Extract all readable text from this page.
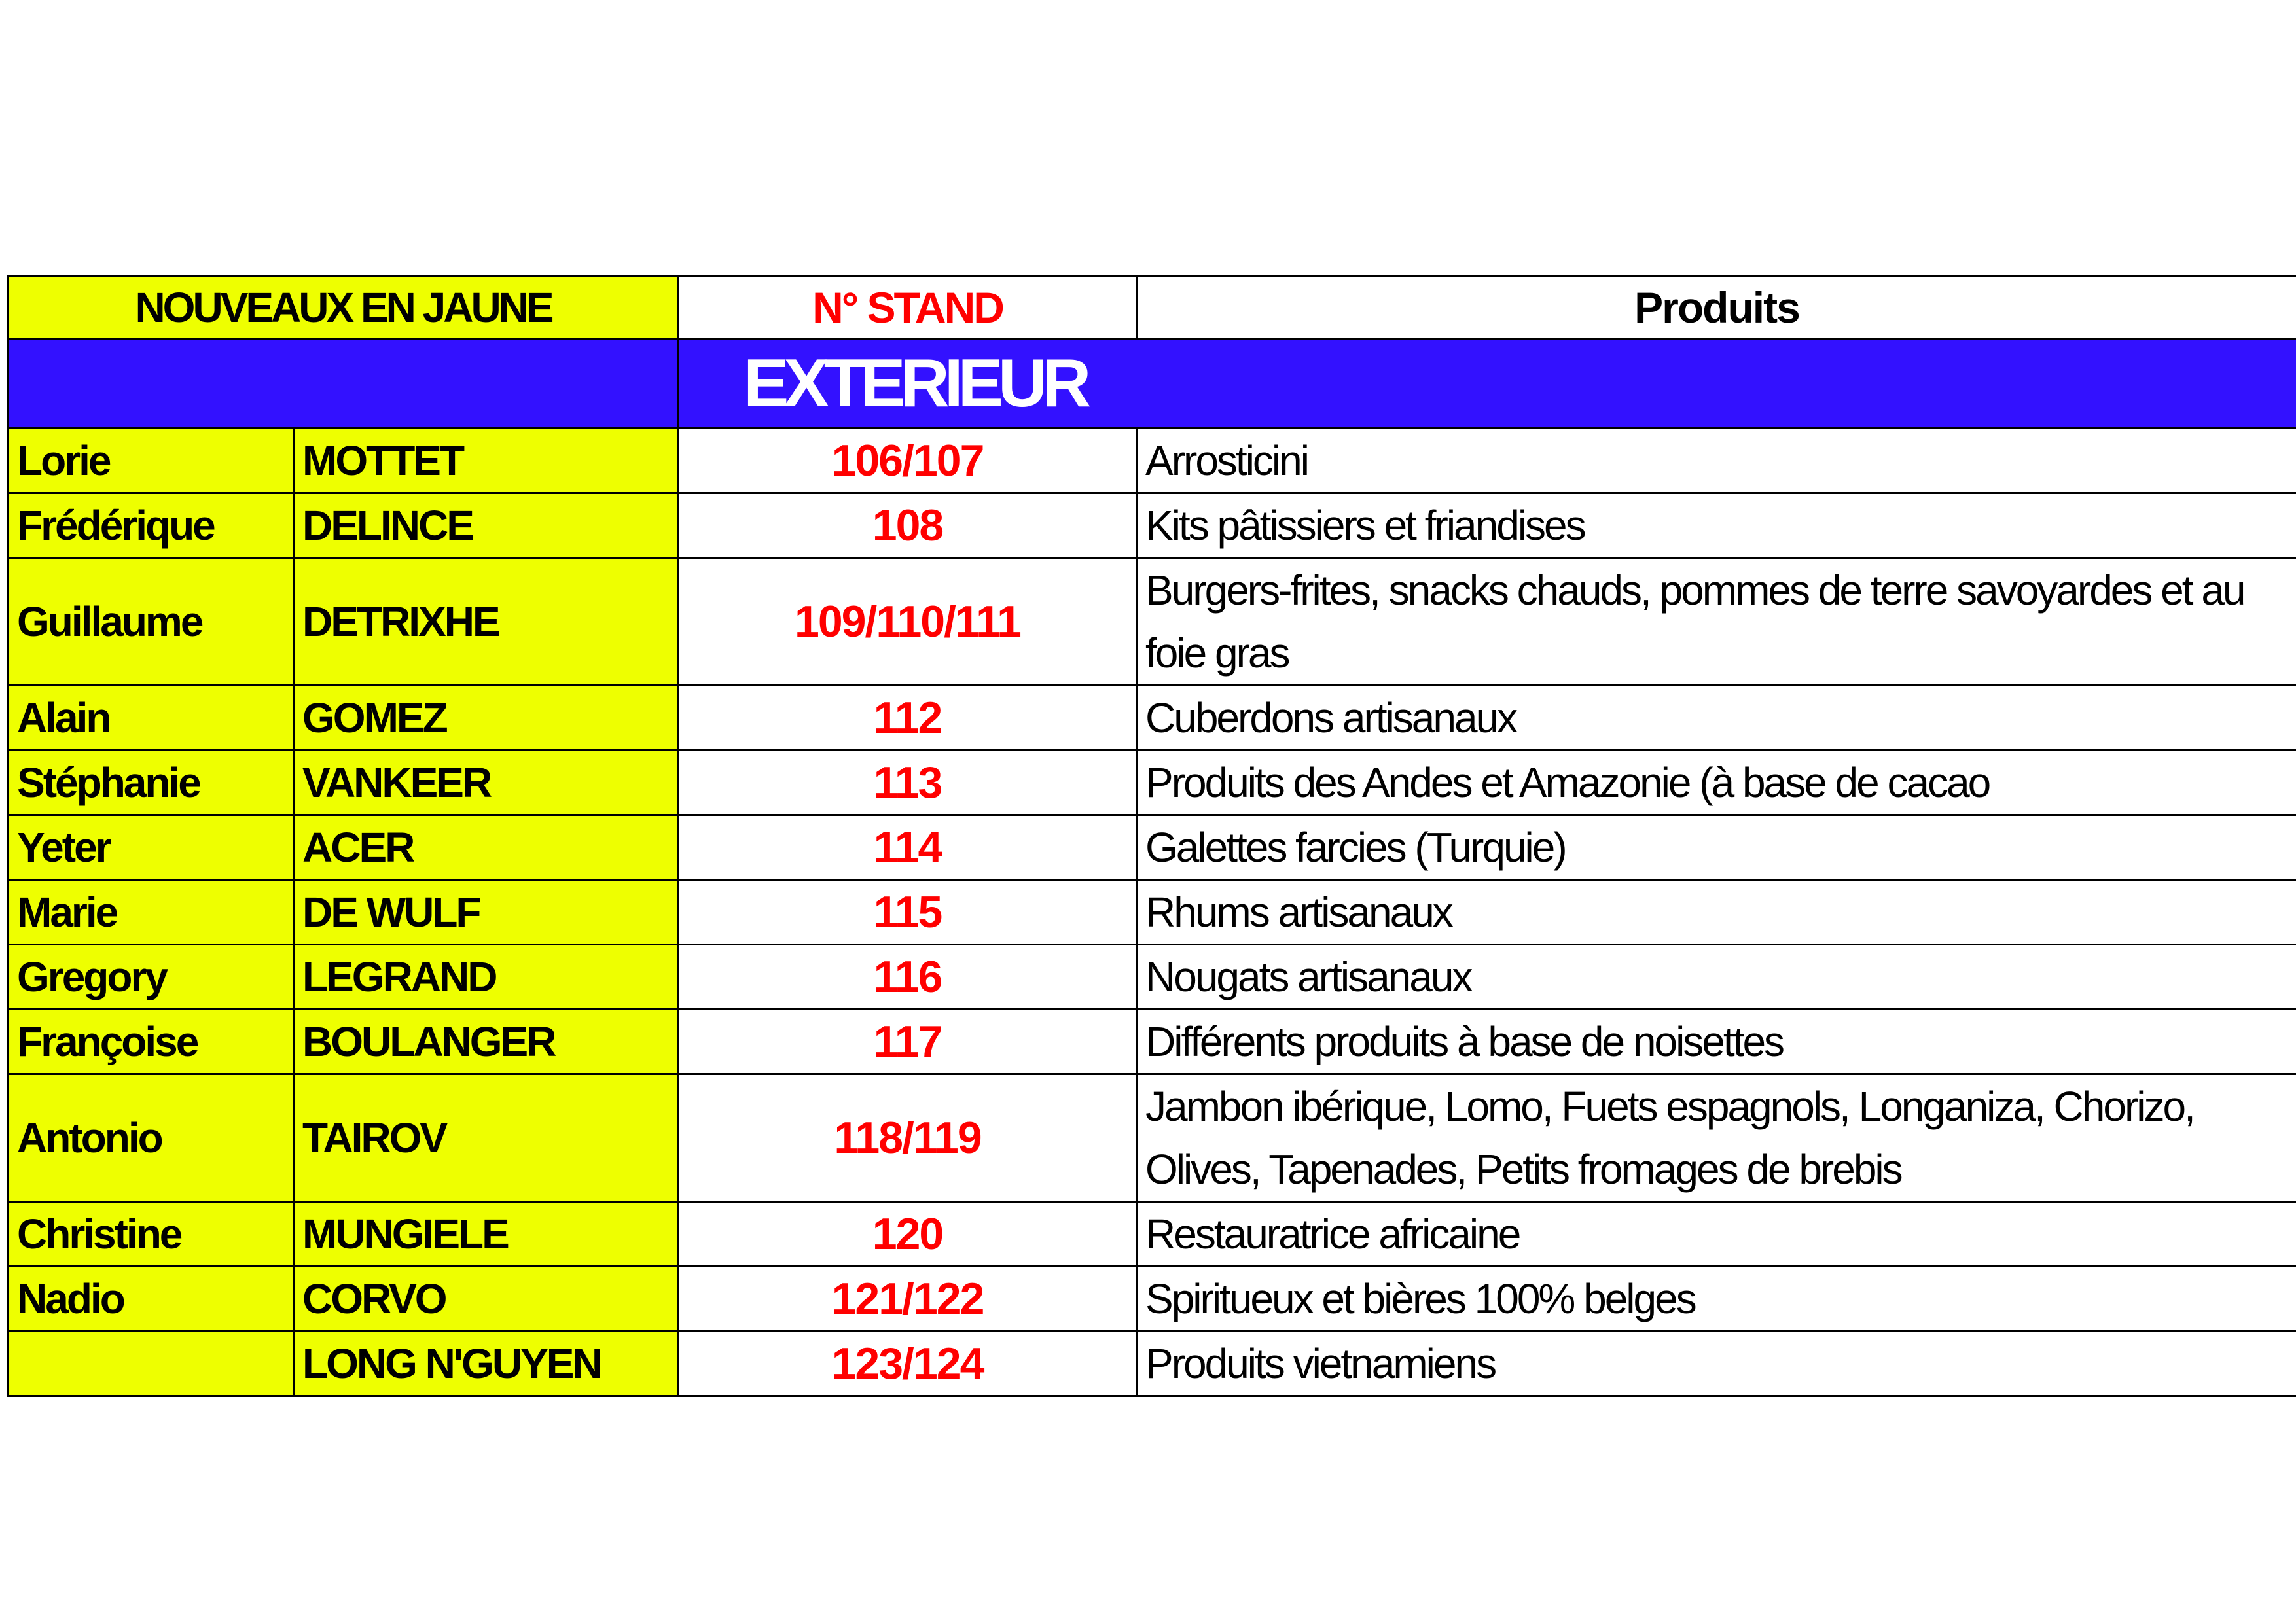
NOUVEAUX EN JAUNE		N° STAND	Produits
		EXTERIEUR	
Lorie	MOTTET	106/107	Arrosticini
Frédérique	DELINCE	108	Kits pâtissiers et friandises
Guillaume	DETRIXHE	109/110/111	Burgers-frites, snacks chauds, pommes de terre savoyardes et au foie gras
Alain	GOMEZ	112	Cuberdons artisanaux
Stéphanie	VANKEER	113	Produits des Andes et Amazonie (à base de cacao
Yeter	ACER	114	Galettes farcies (Turquie)
Marie	DE WULF	115	Rhums artisanaux
Gregory	LEGRAND	116	Nougats artisanaux
Françoise	BOULANGER	117	Différents produits à base de noisettes
Antonio	TAIROV	118/119	Jambon ibérique, Lomo, Fuets espagnols, Longaniza, Chorizo, Olives, Tapenades, Petits fromages de brebis
Christine	MUNGIELE	120	Restauratrice africaine
Nadio	CORVO	121/122	Spiritueux et bières 100% belges
	LONG N'GUYEN	123/124	Produits vietnamiens
